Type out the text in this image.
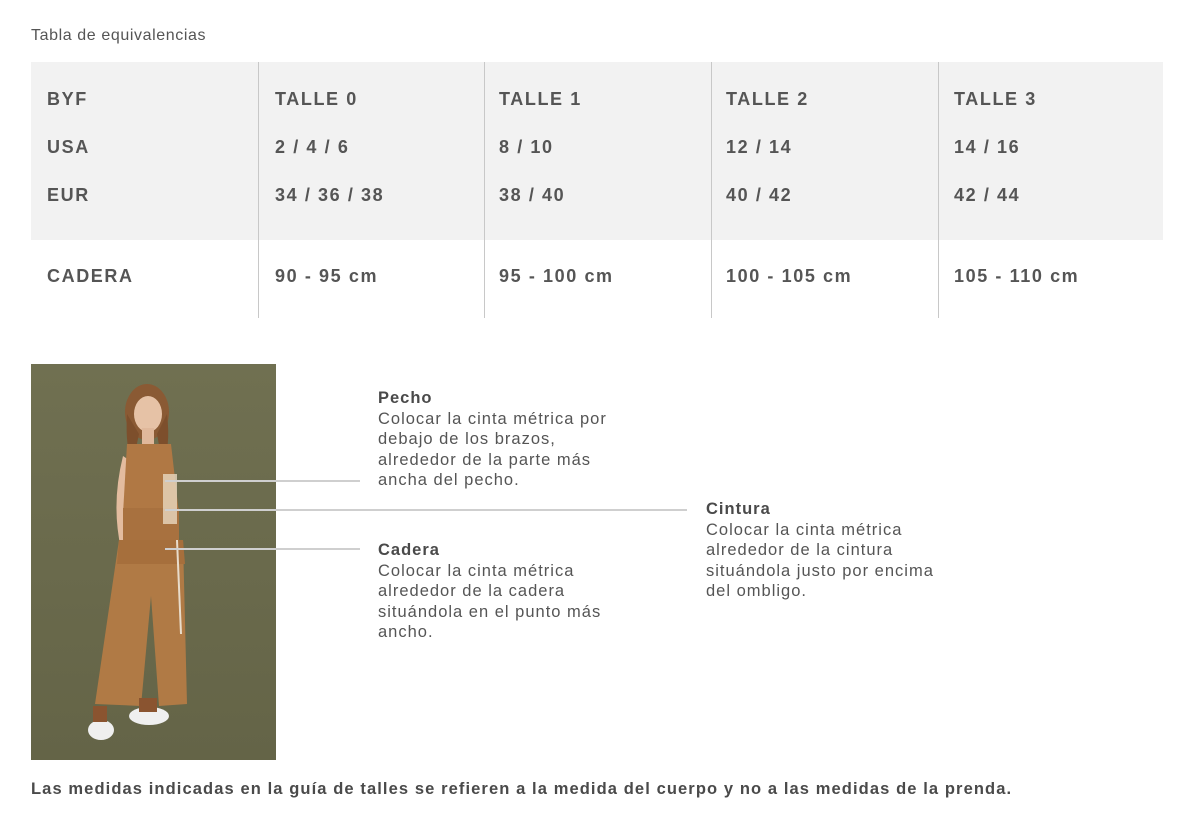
Tabla de equivalencias
BYF	TALLE 0	TALLE 1	TALLE 2	TALLE 3
USA	2 / 4 / 6	8 / 10	12 / 14	14 / 16
EUR	34 / 36 / 38	38 / 40	40 / 42	42 / 44
CADERA	90 - 95 cm	95 - 100 cm	100 - 105 cm	105 - 110 cm
Pecho
Colocar la cinta métrica por
debajo de los brazos,
alrededor de la parte más
ancha del pecho.
Cintura
Colocar la cinta métrica
alrededor de la cintura
situándola justo por encima
del ombligo.
Cadera
Colocar la cinta métrica
alrededor de la cadera
situándola en el punto más
ancho.
Las medidas indicadas en la guía de talles se refieren a la medida del cuerpo y no a las medidas de la prenda.
